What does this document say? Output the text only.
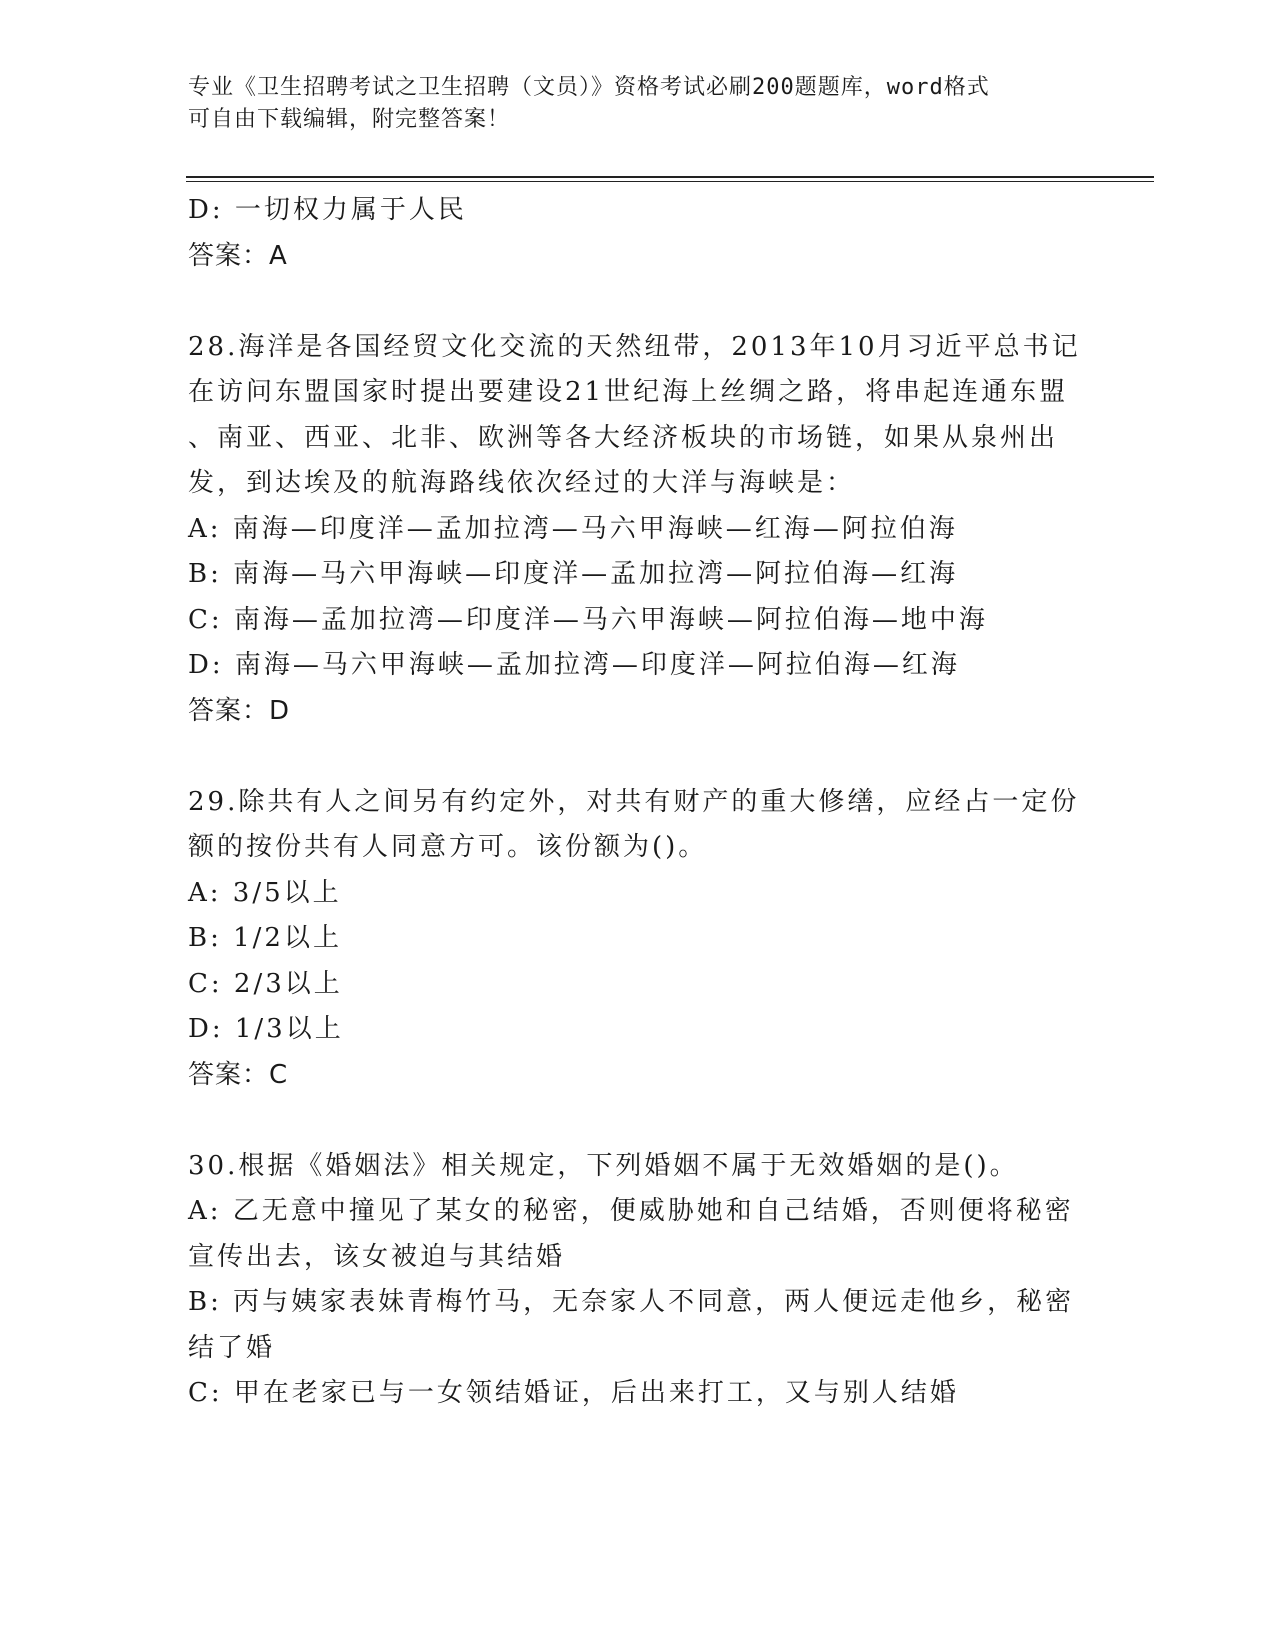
专业《卫生招聘考试之卫生招聘（文员）》资格考试必刷200题题库，word格式
可自由下载编辑，附完整答案！
D: 一切权力属于人民
答案：A
28.海洋是各国经贸文化交流的天然纽带，2013年10月习近平总书记
在访问东盟国家时提出要建设21世纪海上丝绸之路，将串起连通东盟
、南亚、西亚、北非、欧洲等各大经济板块的市场链，如果从泉州出
发，到达埃及的航海路线依次经过的大洋与海峡是：
A: 南海—印度洋—孟加拉湾—马六甲海峡—红海—阿拉伯海
B: 南海—马六甲海峡—印度洋—孟加拉湾—阿拉伯海—红海
C: 南海—孟加拉湾—印度洋—马六甲海峡—阿拉伯海—地中海
D: 南海—马六甲海峡—孟加拉湾—印度洋—阿拉伯海—红海
答案：D
29.除共有人之间另有约定外，对共有财产的重大修缮，应经占一定份
额的按份共有人同意方可。该份额为()。
A: 3/5以上
B: 1/2以上
C: 2/3以上
D: 1/3以上
答案：C
30.根据《婚姻法》相关规定，下列婚姻不属于无效婚姻的是()。
A: 乙无意中撞见了某女的秘密，便威胁她和自己结婚，否则便将秘密
宣传出去，该女被迫与其结婚
B: 丙与姨家表妹青梅竹马，无奈家人不同意，两人便远走他乡，秘密
结了婚
C: 甲在老家已与一女领结婚证，后出来打工，又与别人结婚
